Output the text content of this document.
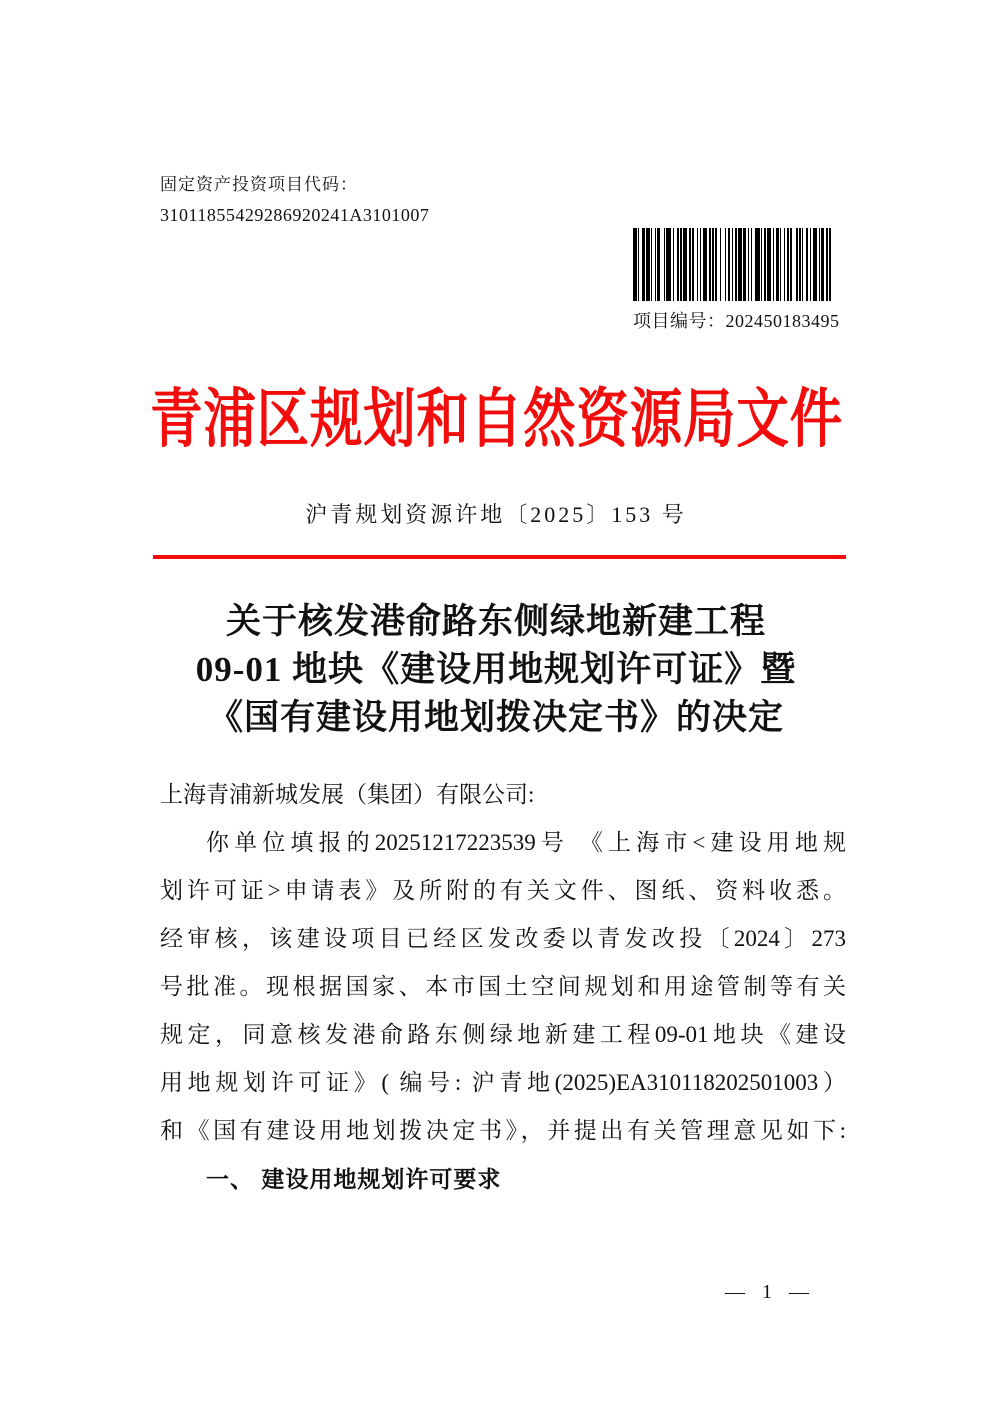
固定资产投资项目代码：
31011855429286920241A3101007
项目编号：202450183495
青浦区规划和自然资源局文件
沪青规划资源许地〔2025〕153 号
关于核发港俞路东侧绿地新建工程
09-01 地块《建设用地规划许可证》暨
《国有建设用地划拨决定书》的决定
上海青浦新城发展（集团）有限公司:
你单位填报的20251217223539号 《上海市<建设用地规
划许可证>申请表》及所附的有关文件、图纸、资料收悉。
经审核，该建设项目已经区发改委以青发改投〔2024〕273
号批准。现根据国家、本市国土空间规划和用途管制等有关
规定，同意核发港俞路东侧绿地新建工程09-01地块《建设
用地规划许可证》( 编号: 沪青地(2025)EA310118202501003）
和《国有建设用地划拨决定书》，并提出有关管理意见如下:
一、 建设用地规划许可要求
— 1 —
